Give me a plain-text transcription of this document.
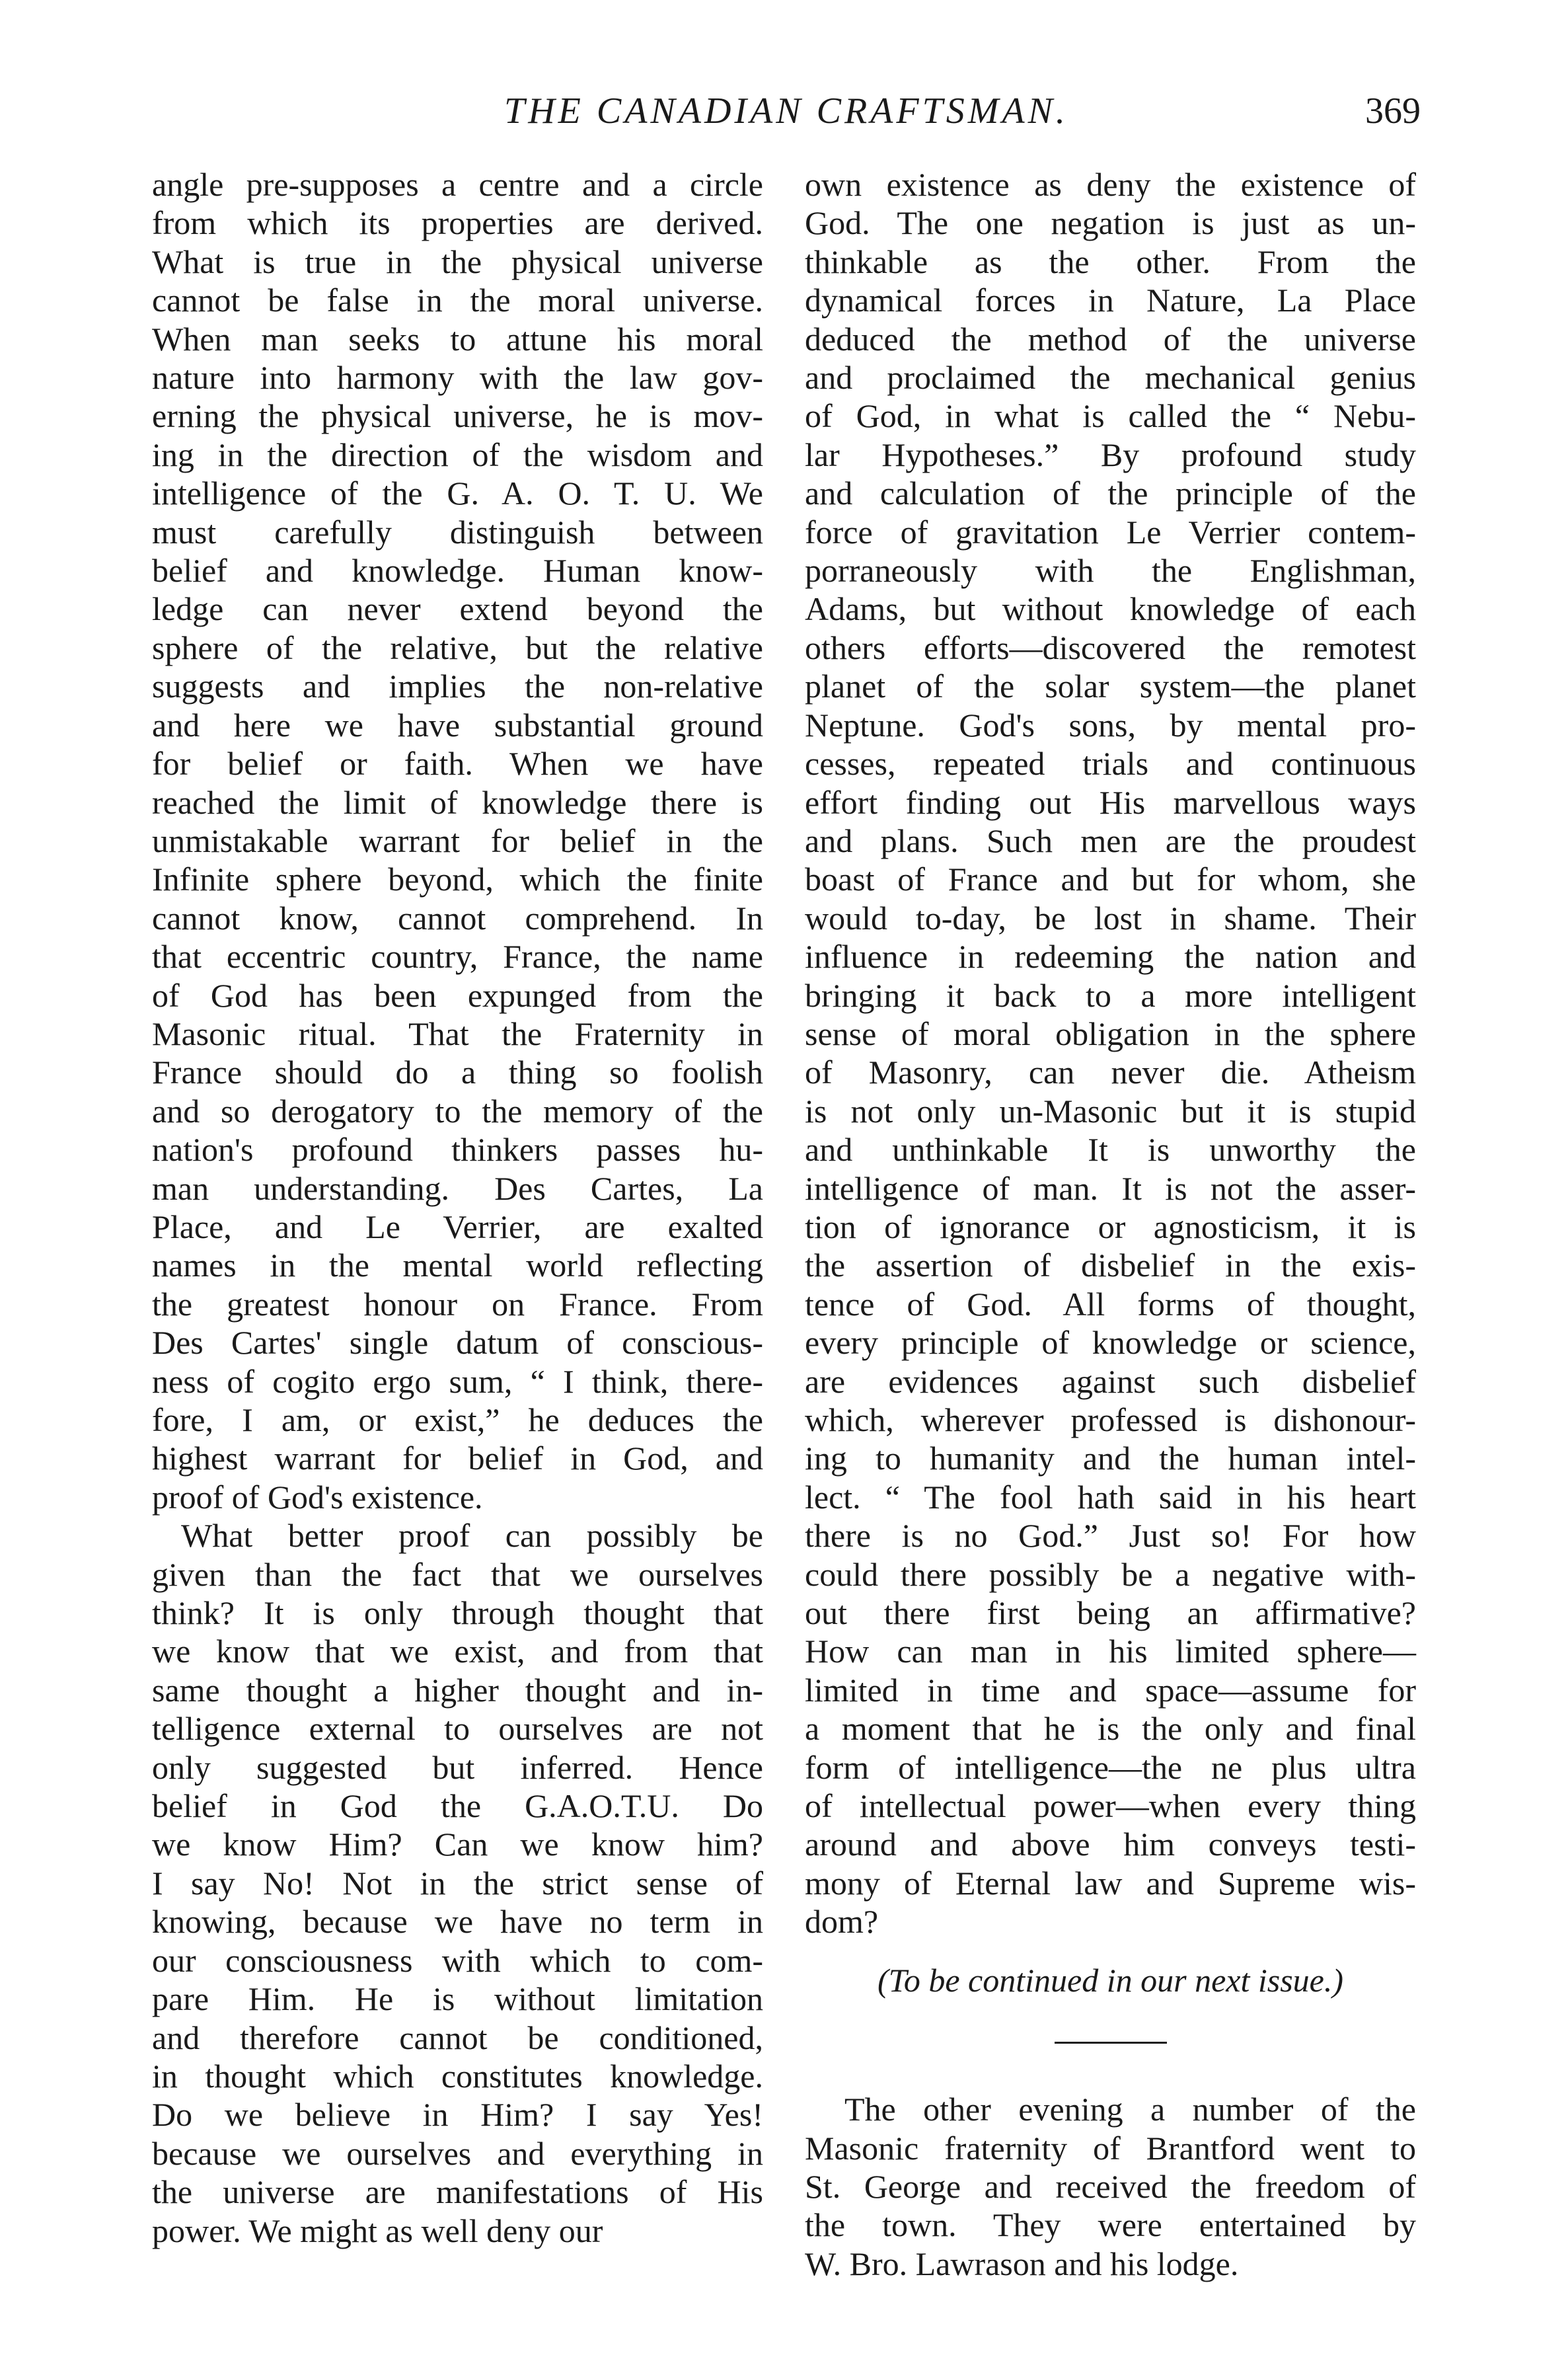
THE CANADIAN CRAFTSMAN.	369

angle pre-supposes a centre and a circle
from which its properties are derived.
What is true in the physical universe
cannot be false in the moral universe.
When man seeks to attune his moral
nature into harmony with the law gov-
erning the physical universe, he is mov-
ing in the direction of the wisdom and
intelligence of the G. A. O. T. U. We
must carefully distinguish between
belief and knowledge. Human know-
ledge can never extend beyond the
sphere of the relative, but the relative
suggests and implies the non-relative
and here we have substantial ground
for belief or faith. When we have
reached the limit of knowledge there is
unmistakable warrant for belief in the
Infinite sphere beyond, which the finite
cannot know, cannot comprehend. In
that eccentric country, France, the name
of God has been expunged from the
Masonic ritual. That the Fraternity in
France should do a thing so foolish
and so derogatory to the memory of the
nation's profound thinkers passes hu-
man understanding. Des Cartes, La
Place, and Le Verrier, are exalted
names in the mental world reflecting
the greatest honour on France. From
Des Cartes' single datum of conscious-
ness of cogito ergo sum, “ I think, there-
fore, I am, or exist,” he deduces the
highest warrant for belief in God, and
proof of God's existence.

What better proof can possibly be
given than the fact that we ourselves
think? It is only through thought that
we know that we exist, and from that
same thought a higher thought and in-
telligence external to ourselves are not
only suggested but inferred. Hence
belief in God the G.A.O.T.U. Do
we know Him? Can we know him?
I say No! Not in the strict sense of
knowing, because we have no term in
our consciousness with which to com-
pare Him. He is without limitation
and therefore cannot be conditioned,
in thought which constitutes knowledge.
Do we believe in Him? I say Yes!
because we ourselves and everything in
the universe are manifestations of His
power. We might as well deny our

own existence as deny the existence of
God. The one negation is just as un-
thinkable as the other. From the
dynamical forces in Nature, La Place
deduced the method of the universe
and proclaimed the mechanical genius
of God, in what is called the “ Nebu-
lar Hypotheses.” By profound study
and calculation of the principle of the
force of gravitation Le Verrier contem-
porraneously with the Englishman,
Adams, but without knowledge of each
others efforts—discovered the remotest
planet of the solar system—the planet
Neptune. God's sons, by mental pro-
cesses, repeated trials and continuous
effort finding out His marvellous ways
and plans. Such men are the proudest
boast of France and but for whom, she
would to-day, be lost in shame. Their
influence in redeeming the nation and
bringing it back to a more intelligent
sense of moral obligation in the sphere
of Masonry, can never die. Atheism
is not only un-Masonic but it is stupid
and unthinkable It is unworthy the
intelligence of man. It is not the asser-
tion of ignorance or agnosticism, it is
the assertion of disbelief in the exis-
tence of God. All forms of thought,
every principle of knowledge or science,
are evidences against such disbelief
which, wherever professed is dishonour-
ing to humanity and the human intel-
lect. “ The fool hath said in his heart
there is no God.” Just so! For how
could there possibly be a negative with-
out there first being an affirmative?
How can man in his limited sphere—
limited in time and space—assume for
a moment that he is the only and final
form of intelligence—the ne plus ultra
of intellectual power—when every thing
around and above him conveys testi-
mony of Eternal law and Supreme wis-
dom?

(To be continued in our next issue.)

The other evening a number of the
Masonic fraternity of Brantford went to
St. George and received the freedom of
the town. They were entertained by
W. Bro. Lawrason and his lodge.
